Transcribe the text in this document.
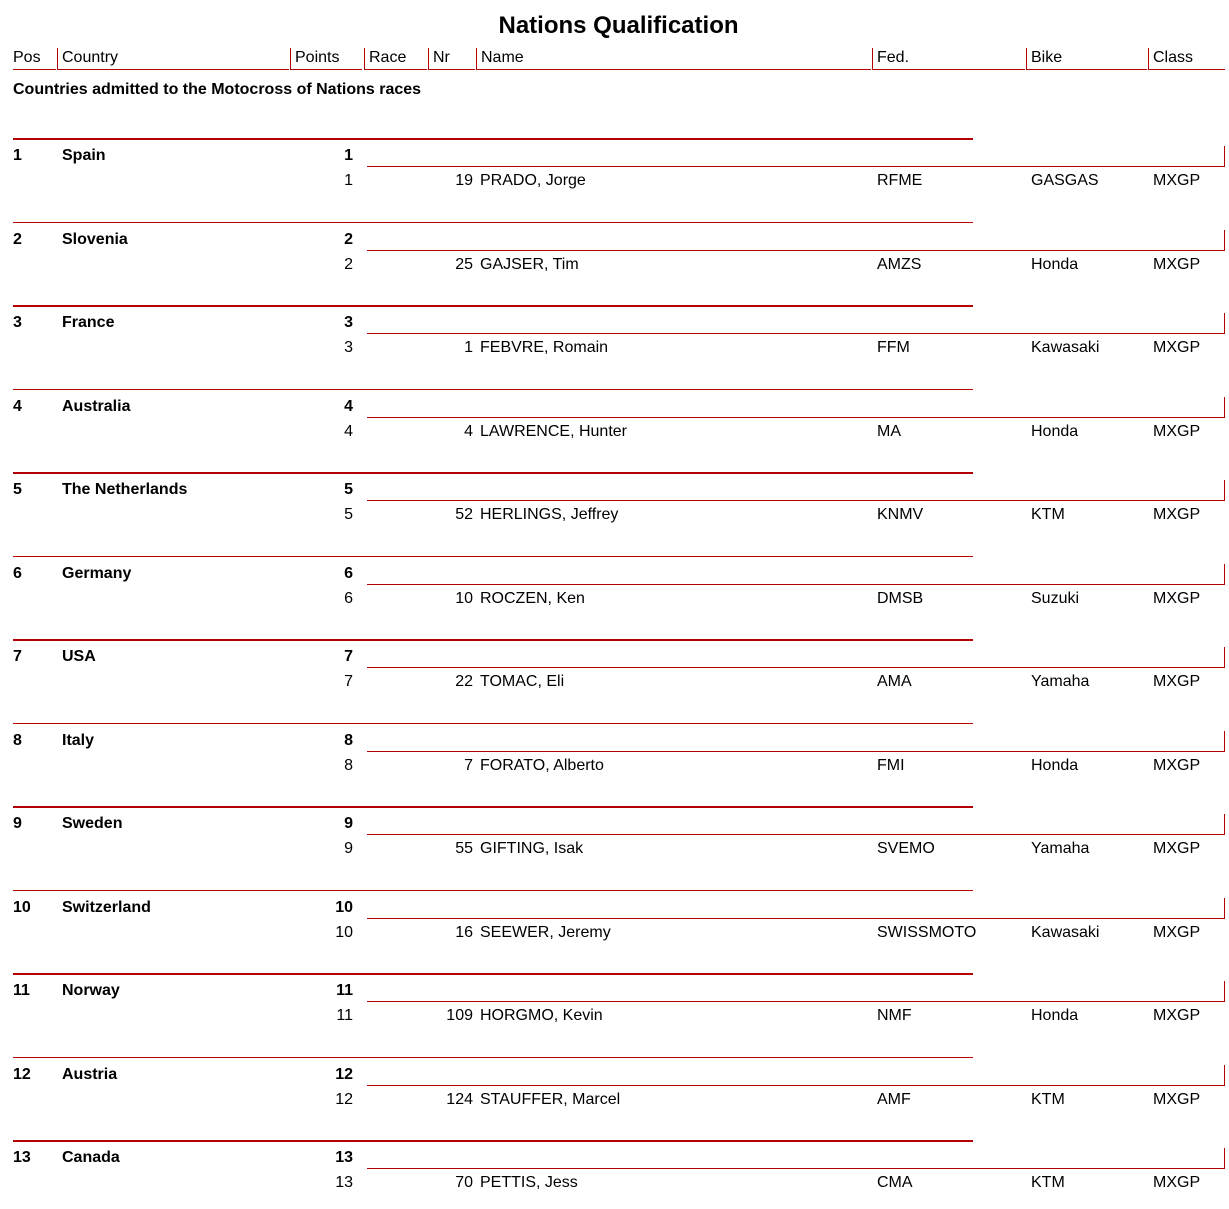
Nations Qualification
Pos	Country	Points	Race	Nr	Name	Fed.	Bike	Class

Countries admitted to the Motocross of Nations races

1	Spain	1
1	19 PRADO, Jorge	RFME	GASGAS	MXGP
2	Slovenia	2
2	25 GAJSER, Tim	AMZS	Honda	MXGP
3	France	3
3	1 FEBVRE, Romain	FFM	Kawasaki	MXGP
4	Australia	4
4	4 LAWRENCE, Hunter	MA	Honda	MXGP
5	The Netherlands	5
5	52 HERLINGS, Jeffrey	KNMV	KTM	MXGP
6	Germany	6
6	10 ROCZEN, Ken	DMSB	Suzuki	MXGP
7	USA	7
7	22 TOMAC, Eli	AMA	Yamaha	MXGP
8	Italy	8
8	7 FORATO, Alberto	FMI	Honda	MXGP
9	Sweden	9
9	55 GIFTING, Isak	SVEMO	Yamaha	MXGP
10 Switzerland	10
10	16 SEEWER, Jeremy	SWISSMOTO	Kawasaki	MXGP
11 Norway	11
11	109 HORGMO, Kevin	NMF	Honda	MXGP
12 Austria	12
12	124 STAUFFER, Marcel	AMF	KTM	MXGP
13 Canada	13
13	70 PETTIS, Jess	CMA	KTM	MXGP
